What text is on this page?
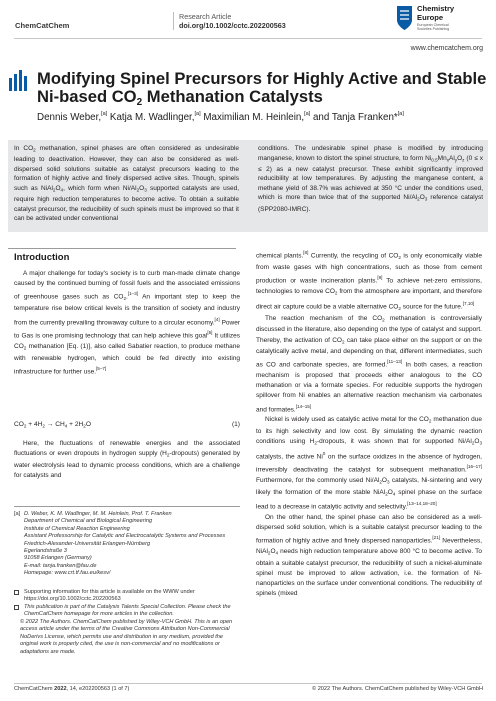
ChemCatChem
Research Article
doi.org/10.1002/cctc.202200563
Chemistry
Europe
European Chemical
Societies Publishing
www.chemcatchem.org
Modifying Spinel Precursors for Highly Active and Stable
Ni-based $CO_2$ Methanation Catalysts
Dennis Weber,[a] Katja M. Wadlinger,[a] Maximilian M. Heinlein,[a] and Tanja Franken*[a]
In $CO_2$ methanation, spinel phases are often considered as undesirable leading to deactivation. However, they can also be considered as well-dispersed solid solutions suitable as catalyst precursors leading to the formation of highly active and finely dispersed active sites. Though, spinels such as $NiAl_2O_4$, which form when $Ni/Al_2O_3$ supported catalysts are used, require high reduction temperatures to become active. To obtain a suitable catalyst precursor, the reducibility of such spinels must be improved so that it can be activated under conventional
conditions. The undesirable spinel phase is modified by introducing manganese, known to distort the spinel structure, to form $Ni_{0.5}Mn_xAl_yO_z$ (0 ≤ x ≤ 2) as a new catalyst precursor. These exhibit significantly improved reducibility at low temperatures. By adjusting the manganese content, a methane yield of 38.7% was achieved at 350 °C under the conditions used, which is more than twice that of the supported $Ni/Al_2O_3$ reference catalyst (SPP2080-IMRC).
Introduction

A major challenge for today's society is to curb man-made climate change caused by the continued burning of fossil fuels and the associated emissions of greenhouse gases such as $CO_2.[1-3]$ An important step to keep the temperature rise below critical levels is the transition of society and industry from the currently prevailing throwaway culture to a circular economy.[4] Power to Gas is one promising technology that can help achieve this goal[5] It utilizes $CO_2$ methanation [Eq. (1)], also called Sabatier reaction, to produce methane with renewable hydrogen, which could be fed directly into existing infrastructure for further use.[5–7]

$CO_2 + 4H_2 \to CH_4 + 2H_2O$	(1)

Here, the fluctuations of renewable energies and the associated fluctuations or even dropouts in hydrogen supply $(H_2-dropouts)$ generated by water electrolysis lead to dynamic process conditions, which are a challenge for catalysts and

chemical plants.[8] Currently, the recycling of $CO_2$ is only economically viable from waste gases with high concentrations, such as those from cement production or waste incineration plants.[9] To achieve net-zero emissions, technologies to remove $CO_2$ from the atmosphere are important, and therefore direct air capture could be a viable alternative $CO_2$ source for the future.[7,10]

The reaction mechanism of the $CO_2$ methanation is controversially discussed in the literature, also depending on the type of catalyst and support. Thereby, the activation of $CO_2$ can take place either on the support or on the catalytically active metal, and depending on that, different intermediates, such as CO and carbonate species, are formed.[11–13] In both cases, a reaction mechanism is proposed that proceeds either analogous to the CO methanation or via a formate species. For reducible supports the hydrogen spillover from Ni enables an alternative reaction mechanism via carbonates and formates.[14–15]

Nickel is widely used as catalytic active metal for the $CO_2$ methanation due to its high selectivity and low cost. By simulating the dynamic reaction conditions using $H_2$-dropouts, it was shown that for supported $Ni/Al_2O_3$ catalysts, the active Ni$^0$ on the surface oxidizes in the absence of hydrogen, irreversibly deactivating the catalyst for subsequent methanation.[16–17] Furthermore, for the commonly used $Ni/Al_2O_3$ catalysts, Ni-sintering and very likely the formation of the more stable $NiAl_2O_4$ spinel phase on the surface lead to a decrease in catalytic activity and selectivity.[13–14,18–20]

On the other hand, the spinel phase can also be considered as a well-dispersed solid solution, which is a suitable catalyst precursor leading to the formation of highly active and finely dispersed nanoparticles.[21] Nevertheless, $NiAl_2O_4$ needs high reduction temperature above 800 °C to become active. To obtain a suitable catalyst precursor, the reducibility of such a nickel-aluminate spinel must be improved to allow activation, i.e. the formation of Ni-nanoparticles on the surface under conventional conditions. The reducibility of spinels (mixed

[a] D. Weber, K. M. Wadlinger, M. M. Heinlein, Prof. T. Franken
Department of Chemical and Biological Engineering
Institute of Chemical Reaction Engineering
Assistant Professorship for Catalytic and Electrocatalytic Systems and Processes
Friedrich-Alexander-Universität Erlangen-Nürnberg
Egerlandstraße 3
91058 Erlangen (Germany)
E-mail: tanja.franken@fau.de
Homepage: www.crt.tf.fau.eu/kesv/
Supporting information for this article is available on the WWW under https://doi.org/10.1002/cctc.202200563
This publication is part of the Catalysis Talents Special Collection. Please check the ChemCatChem homepage for more articles in the collection.
© 2022 The Authors. ChemCatChem published by Wiley-VCH GmbH. This is an open access article under the terms of the Creative Commons Attribution Non-Commercial NoDerivs License, which permits use and distribution in any medium, provided the original work is properly cited, the use is non-commercial and no modifications or adaptations are made.
ChemCatChem 2022, 14, e202200563 (1 of 7)	© 2022 The Authors. ChemCatChem published by Wiley-VCH GmbH
